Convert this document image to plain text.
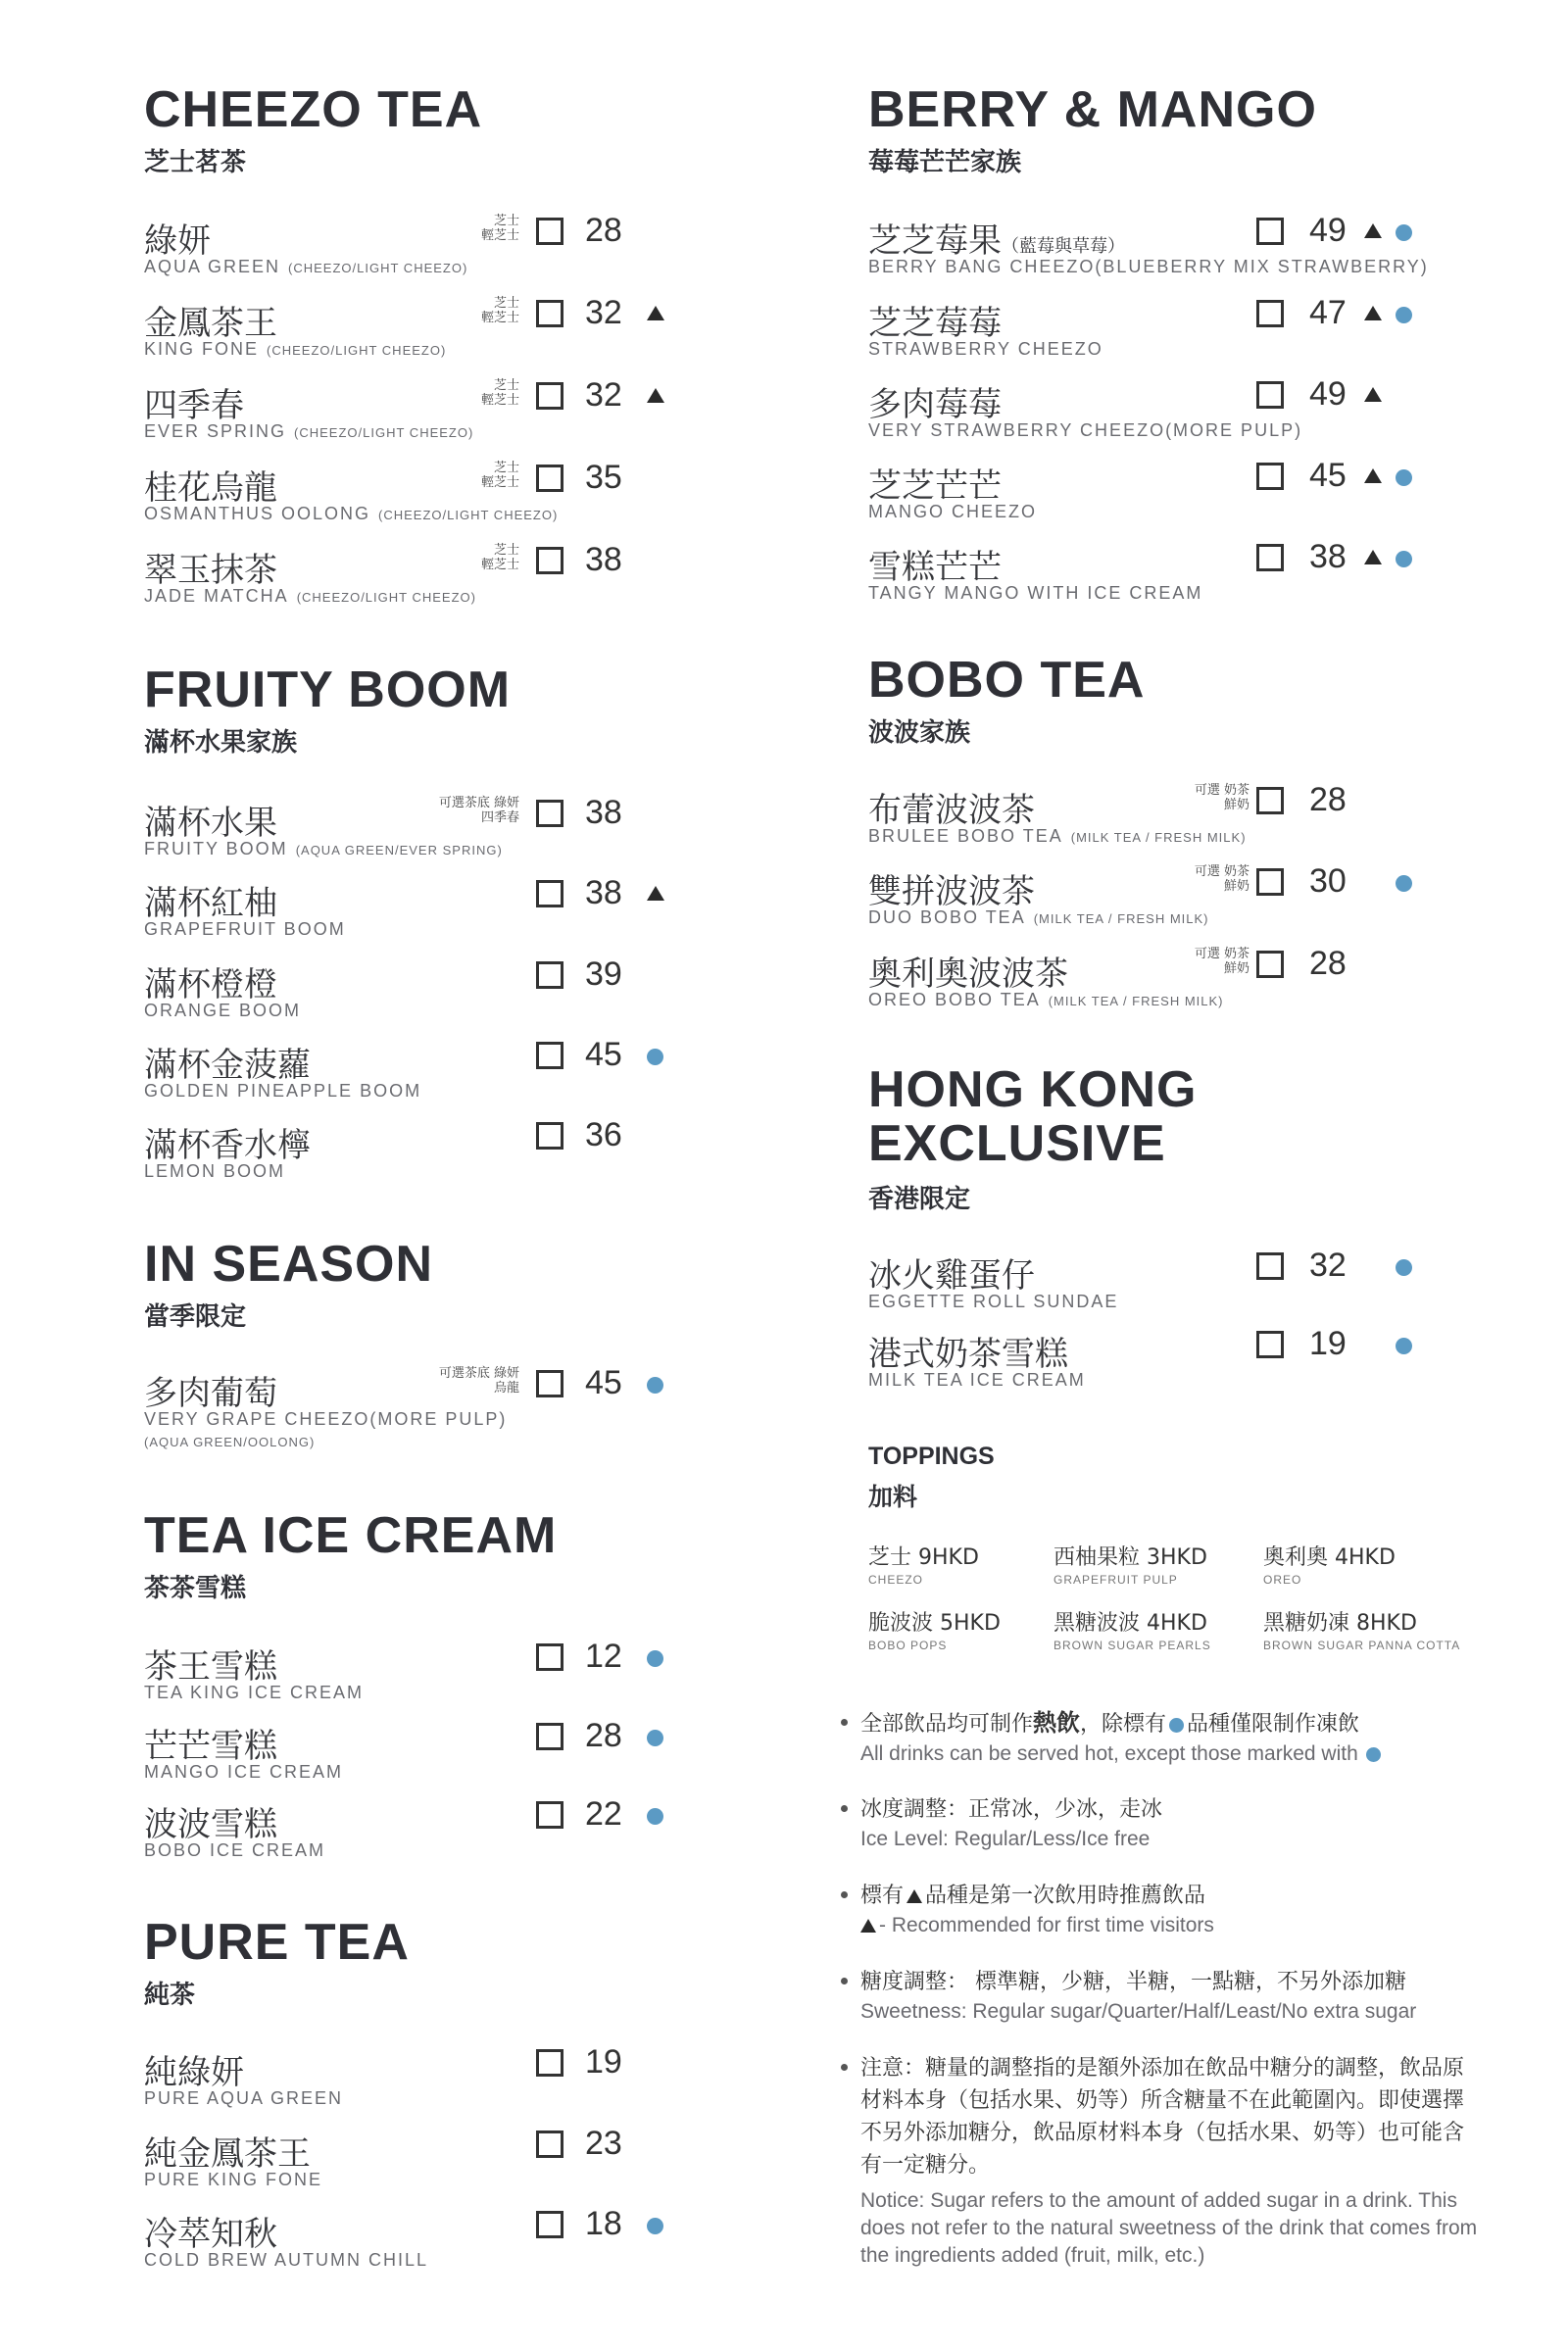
CHEEZO TEA
芝士茗茶
綠妍
AQUA GREEN (CHEEZO/LIGHT CHEEZO)
芝士
輕芝士 28
金鳳茶王
KING FONE (CHEEZO/LIGHT CHEEZO)
芝士
輕芝士 32
四季春
EVER SPRING (CHEEZO/LIGHT CHEEZO)
芝士
輕芝士 32
桂花烏龍
OSMANTHUS OOLONG (CHEEZO/LIGHT CHEEZO)
芝士
輕芝士 35
翠玉抹茶
JADE MATCHA (CHEEZO/LIGHT CHEEZO)
芝士
輕芝士 38
FRUITY BOOM
滿杯水果家族
滿杯水果
FRUITY BOOM (AQUA GREEN/EVER SPRING)
可選茶底 綠妍
四季春 38
滿杯紅柚
GRAPEFRUIT BOOM
38
滿杯橙橙
ORANGE BOOM
39
滿杯金菠蘿
GOLDEN PINEAPPLE BOOM
45
滿杯香水檸
LEMON BOOM
36
IN SEASON
當季限定
多肉葡萄
VERY GRAPE CHEEZO(MORE PULP)
(AQUA GREEN/OOLONG)
可選茶底 綠妍
烏龍 45
TEA ICE CREAM
茶茶雪糕
茶王雪糕
TEA KING ICE CREAM
12
芒芒雪糕
MANGO ICE CREAM
28
波波雪糕
BOBO ICE CREAM
22
PURE TEA
純茶
純綠妍
PURE AQUA GREEN
19
純金鳳茶王
PURE KING FONE
23
冷萃知秋
COLD BREW AUTUMN CHILL
18
BERRY & MANGO
莓莓芒芒家族
芝芝莓果（藍莓與草莓）
BERRY BANG CHEEZO(BLUEBERRY MIX STRAWBERRY)
49
芝芝莓莓
STRAWBERRY CHEEZO
47
多肉莓莓
VERY STRAWBERRY CHEEZO(MORE PULP)
49
芝芝芒芒
MANGO CHEEZO
45
雪糕芒芒
TANGY MANGO WITH ICE CREAM
38
BOBO TEA
波波家族
布蕾波波茶
BRULEE BOBO TEA (MILK TEA / FRESH MILK)
可選 奶茶
鮮奶 28
雙拼波波茶
DUO BOBO TEA (MILK TEA / FRESH MILK)
可選 奶茶
鮮奶 30
奧利奧波波茶
OREO BOBO TEA (MILK TEA / FRESH MILK)
可選 奶茶
鮮奶 28
HONG KONG
EXCLUSIVE
香港限定
冰火雞蛋仔
EGGETTE ROLL SUNDAE
32
港式奶茶雪糕
MILK TEA ICE CREAM
19
TOPPINGS
加料
芝士 9HKD
CHEEZO
西柚果粒 3HKD
GRAPEFRUIT PULP
奧利奧 4HKD
OREO
脆波波 5HKD
BOBO POPS
黑糖波波 4HKD
BROWN SUGAR PEARLS
黑糖奶凍 8HKD
BROWN SUGAR PANNA COTTA
全部飲品均可制作熱飲，除標有 品種僅限制作凍飲
All drinks can be served hot, except those marked with
冰度調整：正常冰，少冰，走冰
Ice Level: Regular/Less/Ice free
標有 品種是第一次飲用時推薦飲品
- Recommended for first time visitors
糖度調整： 標準糖，少糖，半糖，一點糖，不另外添加糖
Sweetness: Regular sugar/Quarter/Half/Least/No extra sugar
注意：糖量的調整指的是額外添加在飲品中糖分的調整，飲品原材料本身（包括水果、奶等）所含糖量不在此範圍內。即使選擇不另外添加糖分，飲品原材料本身（包括水果、奶等）也可能含有一定糖分。
Notice: Sugar refers to the amount of added sugar in a drink. This does not refer to the natural sweetness of the drink that comes from the ingredients added (fruit, milk, etc.)
